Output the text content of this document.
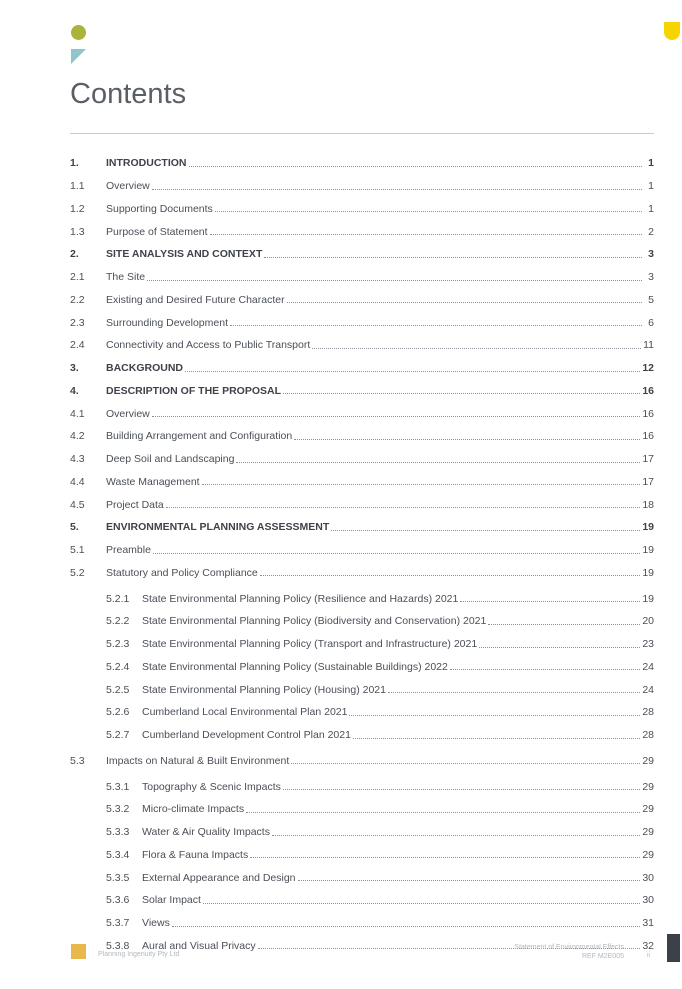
Contents
1.	INTRODUCTION	1
1.1	Overview	1
1.2	Supporting Documents	1
1.3	Purpose of Statement	2
2.	SITE ANALYSIS AND CONTEXT	3
2.1	The Site	3
2.2	Existing and Desired Future Character	5
2.3	Surrounding Development	6
2.4	Connectivity and Access to Public Transport	11
3.	BACKGROUND	12
4.	DESCRIPTION OF THE PROPOSAL	16
4.1	Overview	16
4.2	Building Arrangement and Configuration	16
4.3	Deep Soil and Landscaping	17
4.4	Waste Management	17
4.5	Project Data	18
5.	ENVIRONMENTAL PLANNING ASSESSMENT	19
5.1	Preamble	19
5.2	Statutory and Policy Compliance	19
5.2.1	State Environmental Planning Policy (Resilience and Hazards) 2021	19
5.2.2	State Environmental Planning Policy (Biodiversity and Conservation) 2021	20
5.2.3	State Environmental Planning Policy (Transport and Infrastructure) 2021	23
5.2.4	State Environmental Planning Policy (Sustainable Buildings) 2022	24
5.2.5	State Environmental Planning Policy (Housing) 2021	24
5.2.6	Cumberland Local Environmental Plan 2021	28
5.2.7	Cumberland Development Control Plan 2021	28
5.3	Impacts on Natural & Built Environment	29
5.3.1	Topography & Scenic Impacts	29
5.3.2	Micro-climate Impacts	29
5.3.3	Water & Air Quality Impacts	29
5.3.4	Flora & Fauna Impacts	29
5.3.5	External Appearance and Design	30
5.3.6	Solar Impact	30
5.3.7	Views	31
5.3.8	Aural and Visual Privacy	32
Planning Ingenuity Pty Ltd
Statement of Environmental Effects
REF M2E005	ii
